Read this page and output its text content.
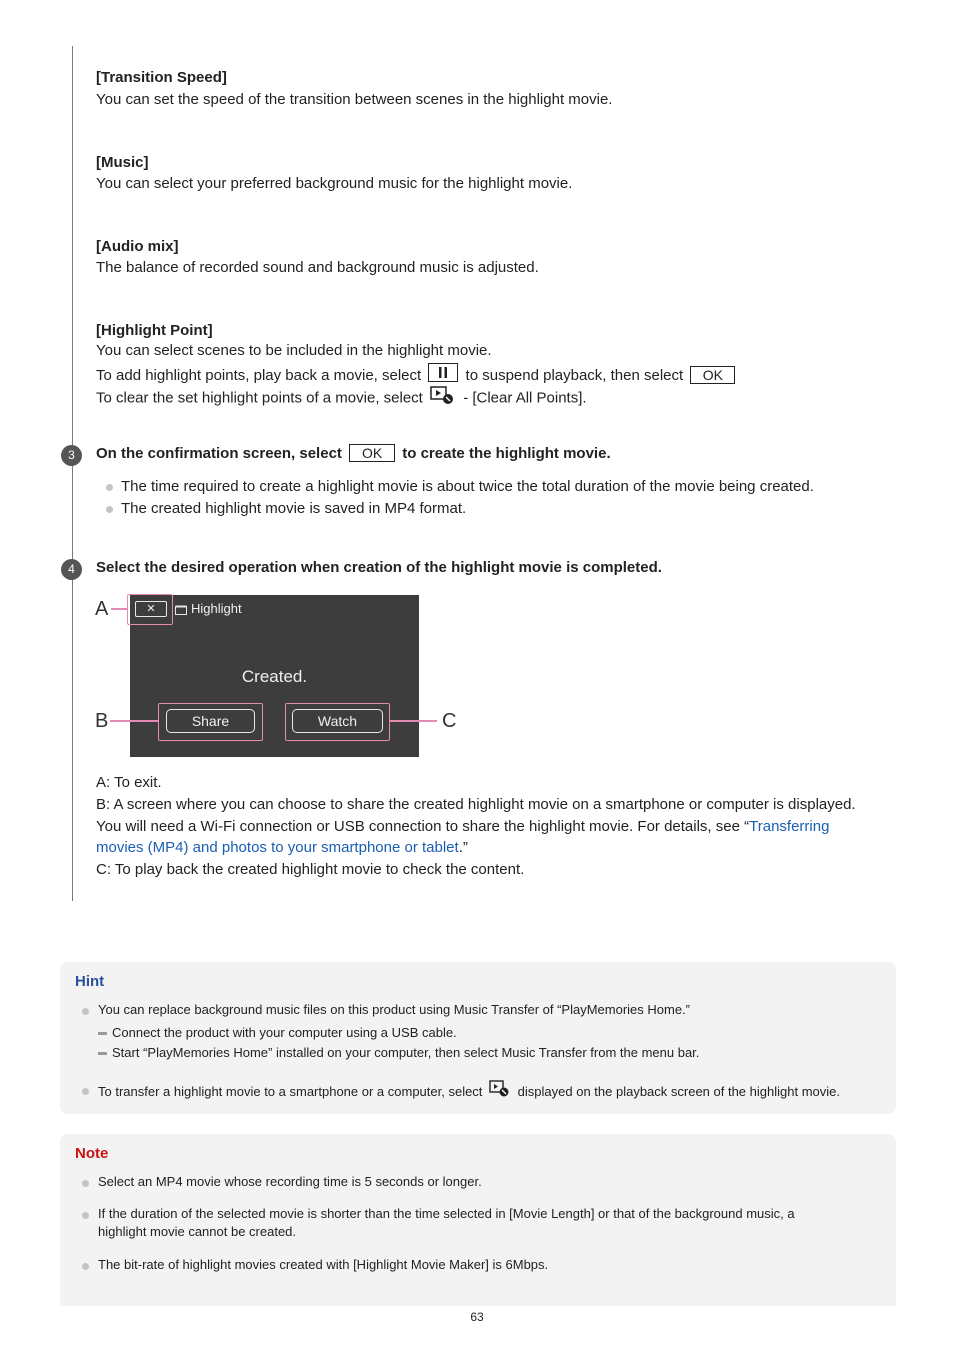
[Transition Speed]
You can set the speed of the transition between scenes in the highlight movie.
[Music]
You can select your preferred background music for the highlight movie.
[Audio mix]
The balance of recorded sound and background music is adjusted.
[Highlight Point]
You can select scenes to be included in the highlight movie.
To add highlight points, play back a movie, select	to suspend playback, then select OK
To clear the set highlight points of a movie, select	- [Clear All Points].
3	On the confirmation screen, select OK to create the highlight movie.
The time required to create a highlight movie is about twice the total duration of the movie being created.
The created highlight movie is saved in MP4 format.
4	Select the desired operation when creation of the highlight movie is completed.
✕	Highlight
Created.
Share	Watch
A
B	C
A: To exit.
B: A screen where you can choose to share the created highlight movie on a smartphone or computer is displayed.
You will need a Wi-Fi connection or USB connection to share the highlight movie. For details, see “Transferring
movies (MP4) and photos to your smartphone or tablet.”
C: To play back the created highlight movie to check the content.
Hint
You can replace background music files on this product using Music Transfer of “PlayMemories Home.”
Connect the product with your computer using a USB cable.
Start “PlayMemories Home” installed on your computer, then select Music Transfer from the menu bar.
To transfer a highlight movie to a smartphone or a computer, select	displayed on the playback screen of the highlight movie.
Note
Select an MP4 movie whose recording time is 5 seconds or longer.
If the duration of the selected movie is shorter than the time selected in [Movie Length] or that of the background music, a
highlight movie cannot be created.
The bit-rate of highlight movies created with [Highlight Movie Maker] is 6Mbps.
63
